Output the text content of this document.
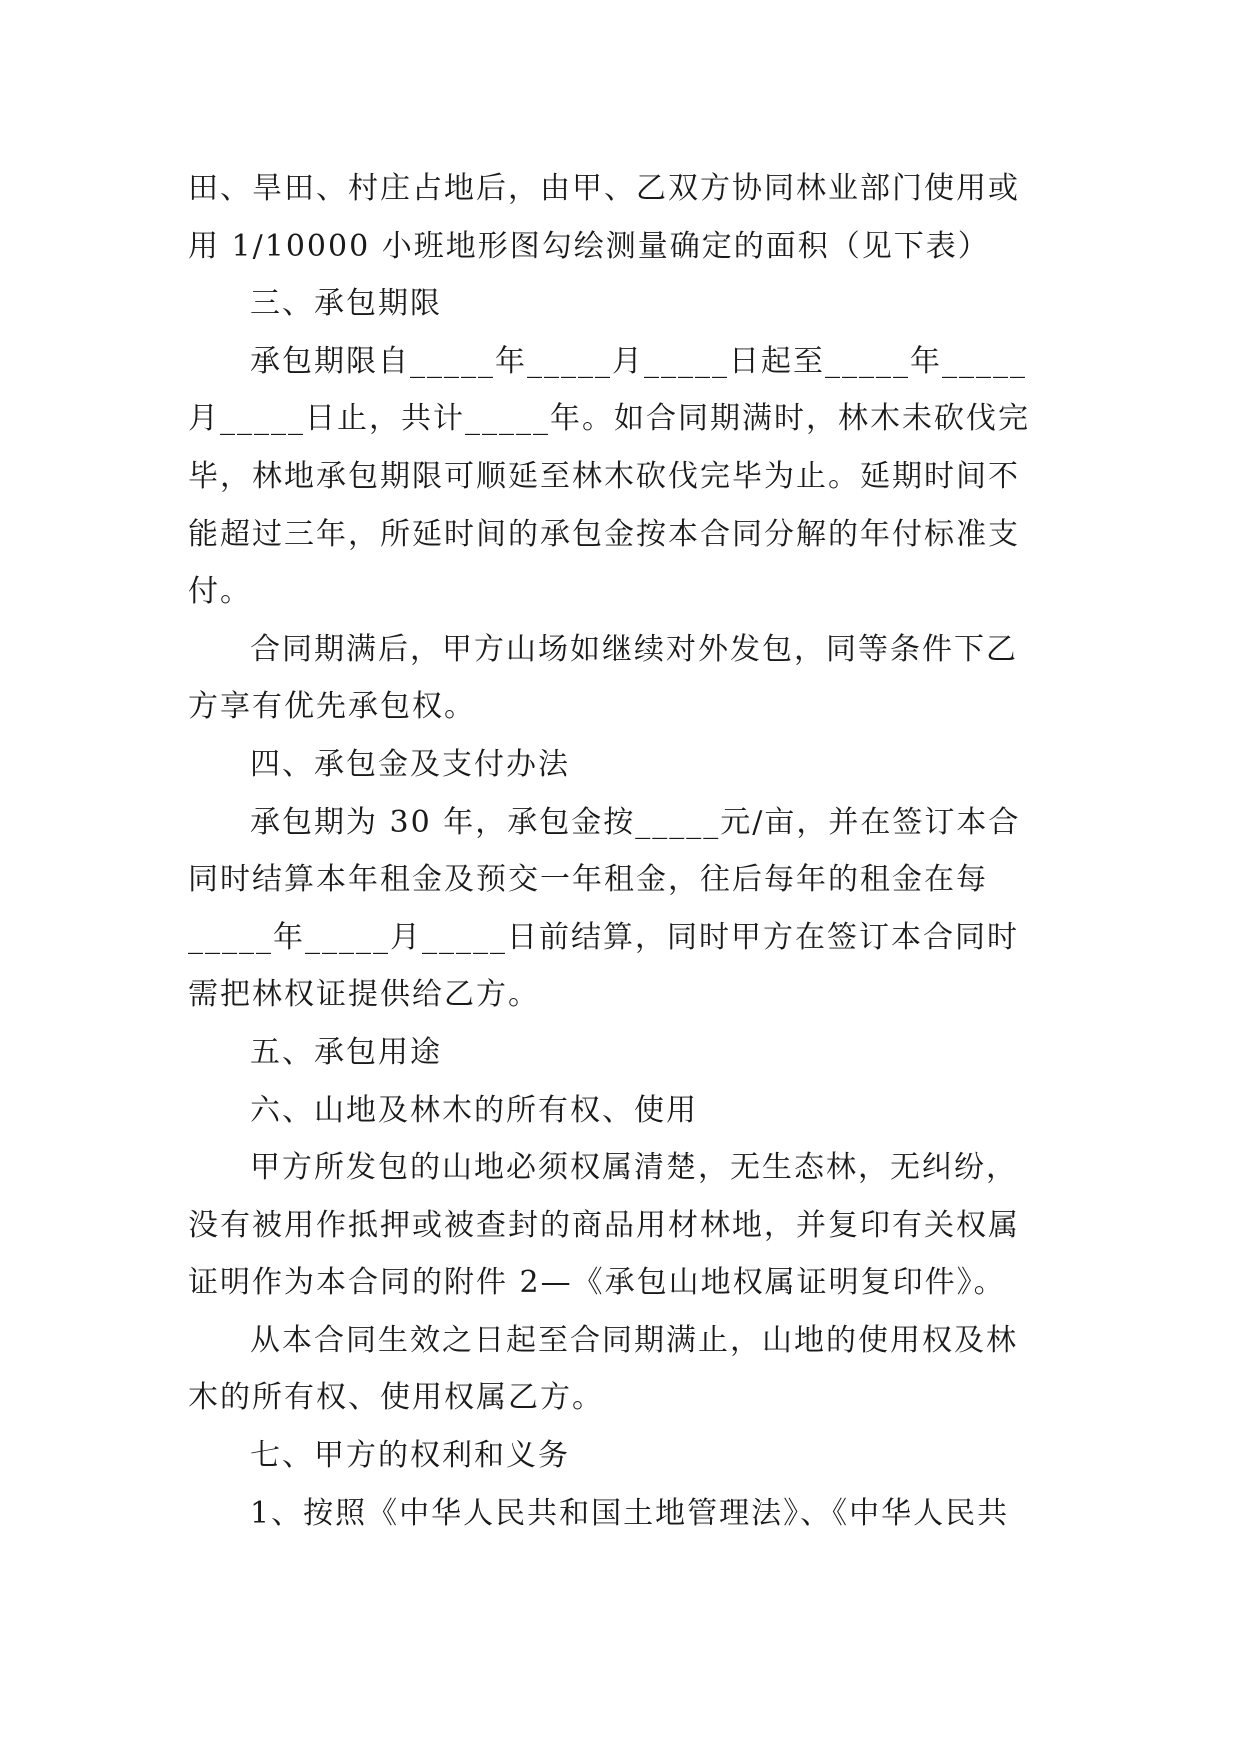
田、旱田、村庄占地后，由甲、乙双方协同林业部门使用或
用 1/10000 小班地形图勾绘测量确定的面积（见下表）
三、承包期限
承包期限自_____年_____月_____日起至_____年_____
月_____日止，共计_____年。如合同期满时，林木未砍伐完
毕，林地承包期限可顺延至林木砍伐完毕为止。延期时间不
能超过三年，所延时间的承包金按本合同分解的年付标准支
付。
合同期满后，甲方山场如继续对外发包，同等条件下乙
方享有优先承包权。
四、承包金及支付办法
承包期为 30 年，承包金按_____元/亩，并在签订本合
同时结算本年租金及预交一年租金，往后每年的租金在每
_____年_____月_____日前结算，同时甲方在签订本合同时
需把林权证提供给乙方。
五、承包用途
六、山地及林木的所有权、使用
甲方所发包的山地必须权属清楚，无生态林，无纠纷，
没有被用作抵押或被查封的商品用材林地，并复印有关权属
证明作为本合同的附件 2—《承包山地权属证明复印件》。
从本合同生效之日起至合同期满止，山地的使用权及林
木的所有权、使用权属乙方。
七、甲方的权利和义务
1、按照《中华人民共和国土地管理法》、《中华人民共
